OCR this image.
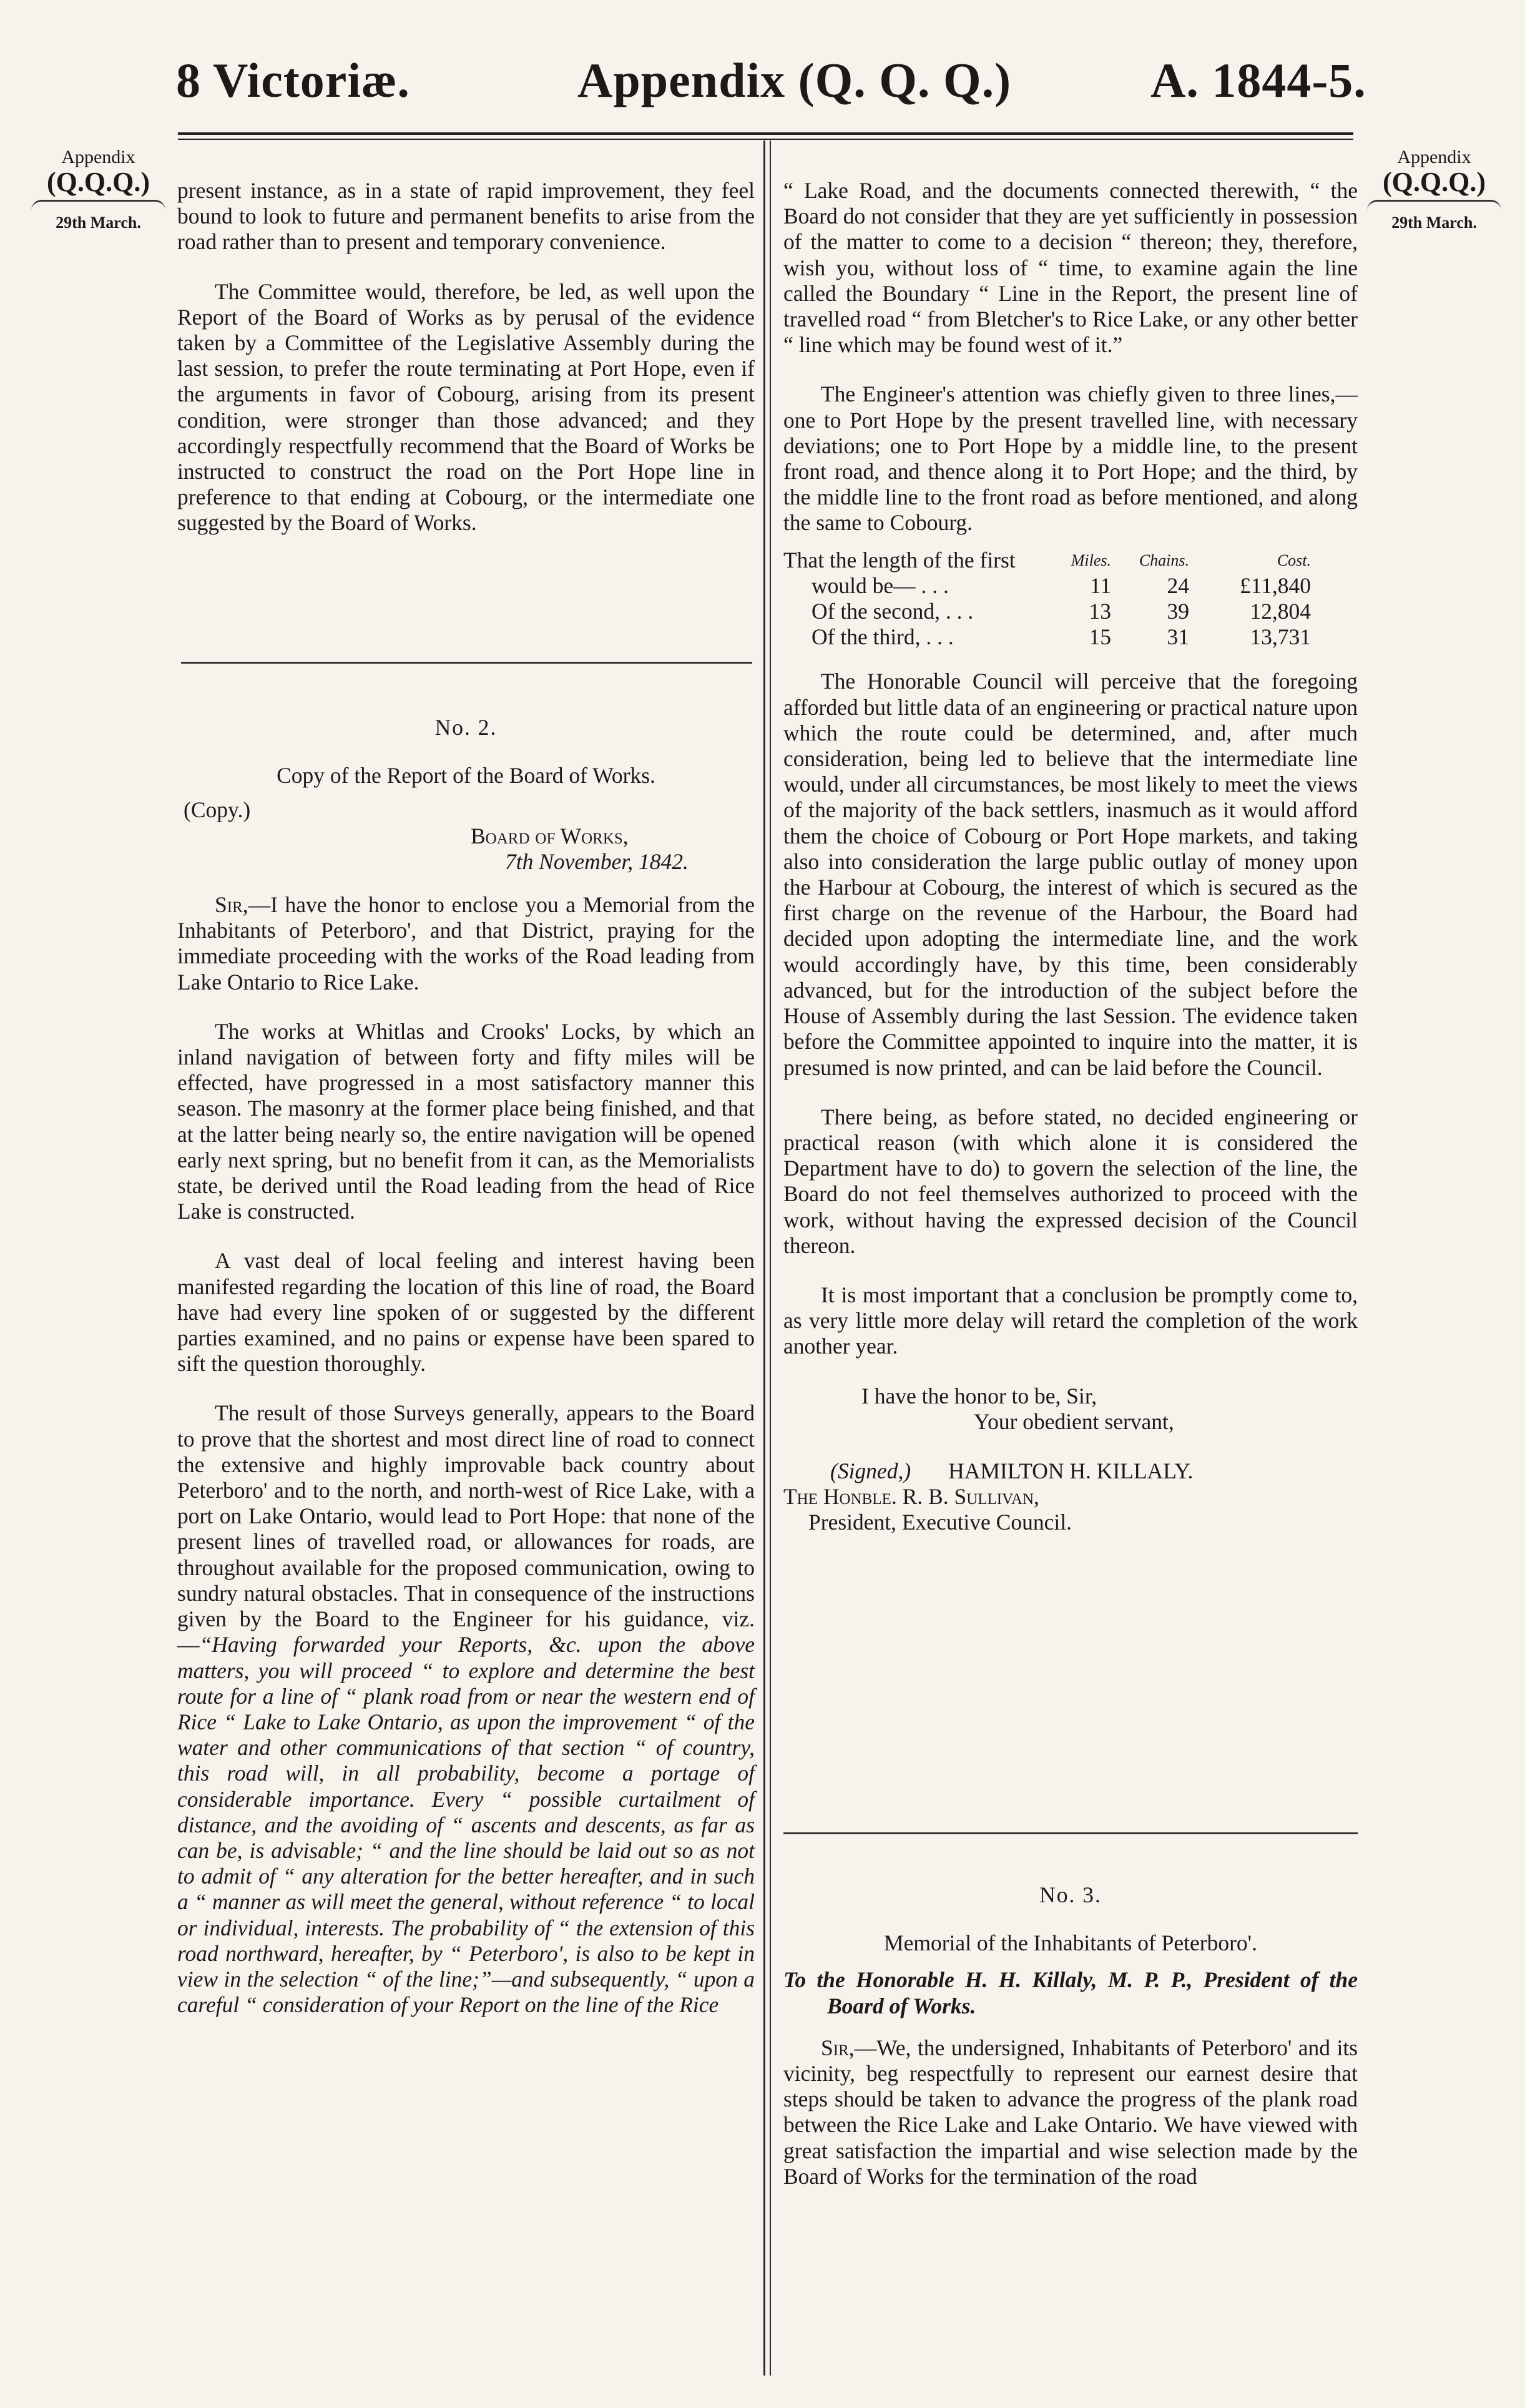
8 Victoriæ.	Appendix (Q. Q. Q.)	A. 1844-5.
Appendix
(Q.Q.Q.)
29th March.
Appendix
(Q.Q.Q.)
29th March.

present instance, as in a state of rapid improvement, they feel bound to look to future and permanent benefits to arise from the road rather than to present and temporary convenience.

The Committee would, therefore, be led, as well upon the Report of the Board of Works as by perusal of the evidence taken by a Committee of the Legislative Assembly during the last session, to prefer the route terminating at Port Hope, even if the arguments in favor of Cobourg, arising from its present condition, were stronger than those advanced; and they accordingly respectfully recommend that the Board of Works be instructed to construct the road on the Port Hope line in preference to that ending at Cobourg, or the intermediate one suggested by the Board of Works.

No. 2.

Copy of the Report of the Board of Works.

(Copy.)

Board of Works,

7th November, 1842.

Sir,—I have the honor to enclose you a Memorial from the Inhabitants of Peterboro', and that District, praying for the immediate proceeding with the works of the Road leading from Lake Ontario to Rice Lake.

The works at Whitlas and Crooks' Locks, by which an inland navigation of between forty and fifty miles will be effected, have progressed in a most satisfactory manner this season. The masonry at the former place being finished, and that at the latter being nearly so, the entire navigation will be opened early next spring, but no benefit from it can, as the Memorialists state, be derived until the Road leading from the head of Rice Lake is constructed.

A vast deal of local feeling and interest having been manifested regarding the location of this line of road, the Board have had every line spoken of or suggested by the different parties examined, and no pains or expense have been spared to sift the question thoroughly.

The result of those Surveys generally, appears to the Board to prove that the shortest and most direct line of road to connect the extensive and highly improvable back country about Peterboro' and to the north, and north-west of Rice Lake, with a port on Lake Ontario, would lead to Port Hope: that none of the present lines of travelled road, or allowances for roads, are throughout available for the proposed communication, owing to sundry natural obstacles. That in consequence of the instructions given by the Board to the Engineer for his guidance, viz.—“Having forwarded your Reports, &c. upon the above matters, you will proceed “ to explore and determine the best route for a line of “ plank road from or near the western end of Rice “ Lake to Lake Ontario, as upon the improvement “ of the water and other communications of that section “ of country, this road will, in all probability, become a portage of considerable importance. Every “ possible curtailment of distance, and the avoiding of “ ascents and descents, as far as can be, is advisable; “ and the line should be laid out so as not to admit of “ any alteration for the better hereafter, and in such a “ manner as will meet the general, without reference “ to local or individual, interests. The probability of “ the extension of this road northward, hereafter, by “ Peterboro', is also to be kept in view in the selection “ of the line;”—and subsequently, “ upon a careful “ consideration of your Report on the line of the Rice

“ Lake Road, and the documents connected therewith, “ the Board do not consider that they are yet sufficiently in possession of the matter to come to a decision “ thereon; they, therefore, wish you, without loss of “ time, to examine again the line called the Boundary “ Line in the Report, the present line of travelled road “ from Bletcher's to Rice Lake, or any other better “ line which may be found west of it.”

The Engineer's attention was chiefly given to three lines,—one to Port Hope by the present travelled line, with necessary deviations; one to Port Hope by a middle line, to the present front road, and thence along it to Port Hope; and the third, by the middle line to the front road as before mentioned, and along the same to Cobourg.

That the length of the first	Miles.	Chains.	Cost.
would be— . . .	11	24	£11,840
Of the second, . . .	13	39	12,804
Of the third, . . .	15	31	13,731

The Honorable Council will perceive that the foregoing afforded but little data of an engineering or practical nature upon which the route could be determined, and, after much consideration, being led to believe that the intermediate line would, under all circumstances, be most likely to meet the views of the majority of the back settlers, inasmuch as it would afford them the choice of Cobourg or Port Hope markets, and taking also into consideration the large public outlay of money upon the Harbour at Cobourg, the interest of which is secured as the first charge on the revenue of the Harbour, the Board had decided upon adopting the intermediate line, and the work would accordingly have, by this time, been considerably advanced, but for the introduction of the subject before the House of Assembly during the last Session. The evidence taken before the Committee appointed to inquire into the matter, it is presumed is now printed, and can be laid before the Council.

There being, as before stated, no decided engineering or practical reason (with which alone it is considered the Department have to do) to govern the selection of the line, the Board do not feel themselves authorized to proceed with the work, without having the expressed decision of the Council thereon.

It is most important that a conclusion be promptly come to, as very little more delay will retard the completion of the work another year.

I have the honor to be, Sir,

Your obedient servant,

(Signed,) HAMILTON H. KILLALY.

The Honble. R. B. Sullivan,

President, Executive Council.

No. 3.

Memorial of the Inhabitants of Peterboro'.

To the Honorable H. H. Killaly, M. P. P., President of the Board of Works.

Sir,—We, the undersigned, Inhabitants of Peterboro' and its vicinity, beg respectfully to represent our earnest desire that steps should be taken to advance the progress of the plank road between the Rice Lake and Lake Ontario. We have viewed with great satisfaction the impartial and wise selection made by the Board of Works for the termination of the road
